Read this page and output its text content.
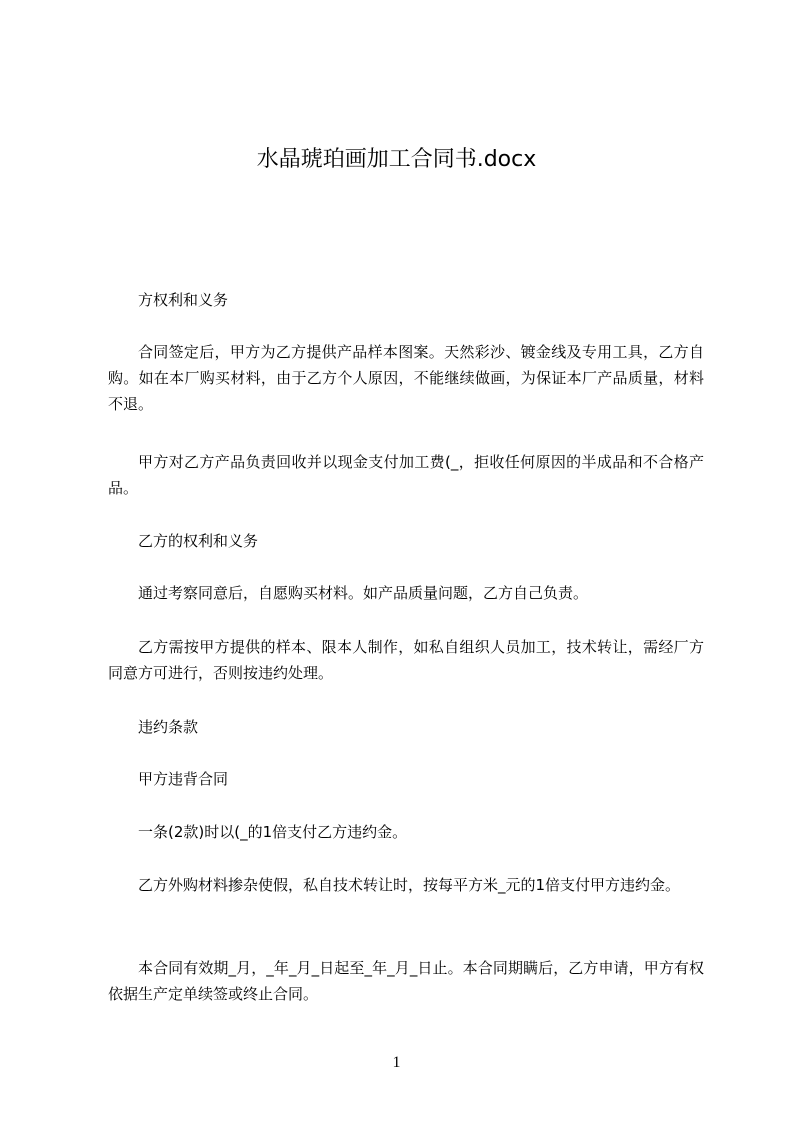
水晶琥珀画加工合同书.docx

方权利和义务

合同签定后，甲方为乙方提供产品样本图案。天然彩沙、镀金线及专用工具，乙方自购。如在本厂购买材料，由于乙方个人原因，不能继续做画，为保证本厂产品质量，材料不退。

甲方对乙方产品负责回收并以现金支付加工费(_，拒收任何原因的半成品和不合格产品。

乙方的权利和义务

通过考察同意后，自愿购买材料。如产品质量问题，乙方自己负责。

乙方需按甲方提供的样本、限本人制作，如私自组织人员加工，技术转让，需经厂方同意方可进行，否则按违约处理。

违约条款

甲方违背合同

一条(2款)时以(_的1倍支付乙方违约金。

乙方外购材料掺杂使假，私自技术转让时，按每平方米_元的1倍支付甲方违约金。

本合同有效期_月，_年_月_日起至_年_月_日止。本合同期瞒后，乙方申请，甲方有权依据生产定单续签或终止合同。

1
